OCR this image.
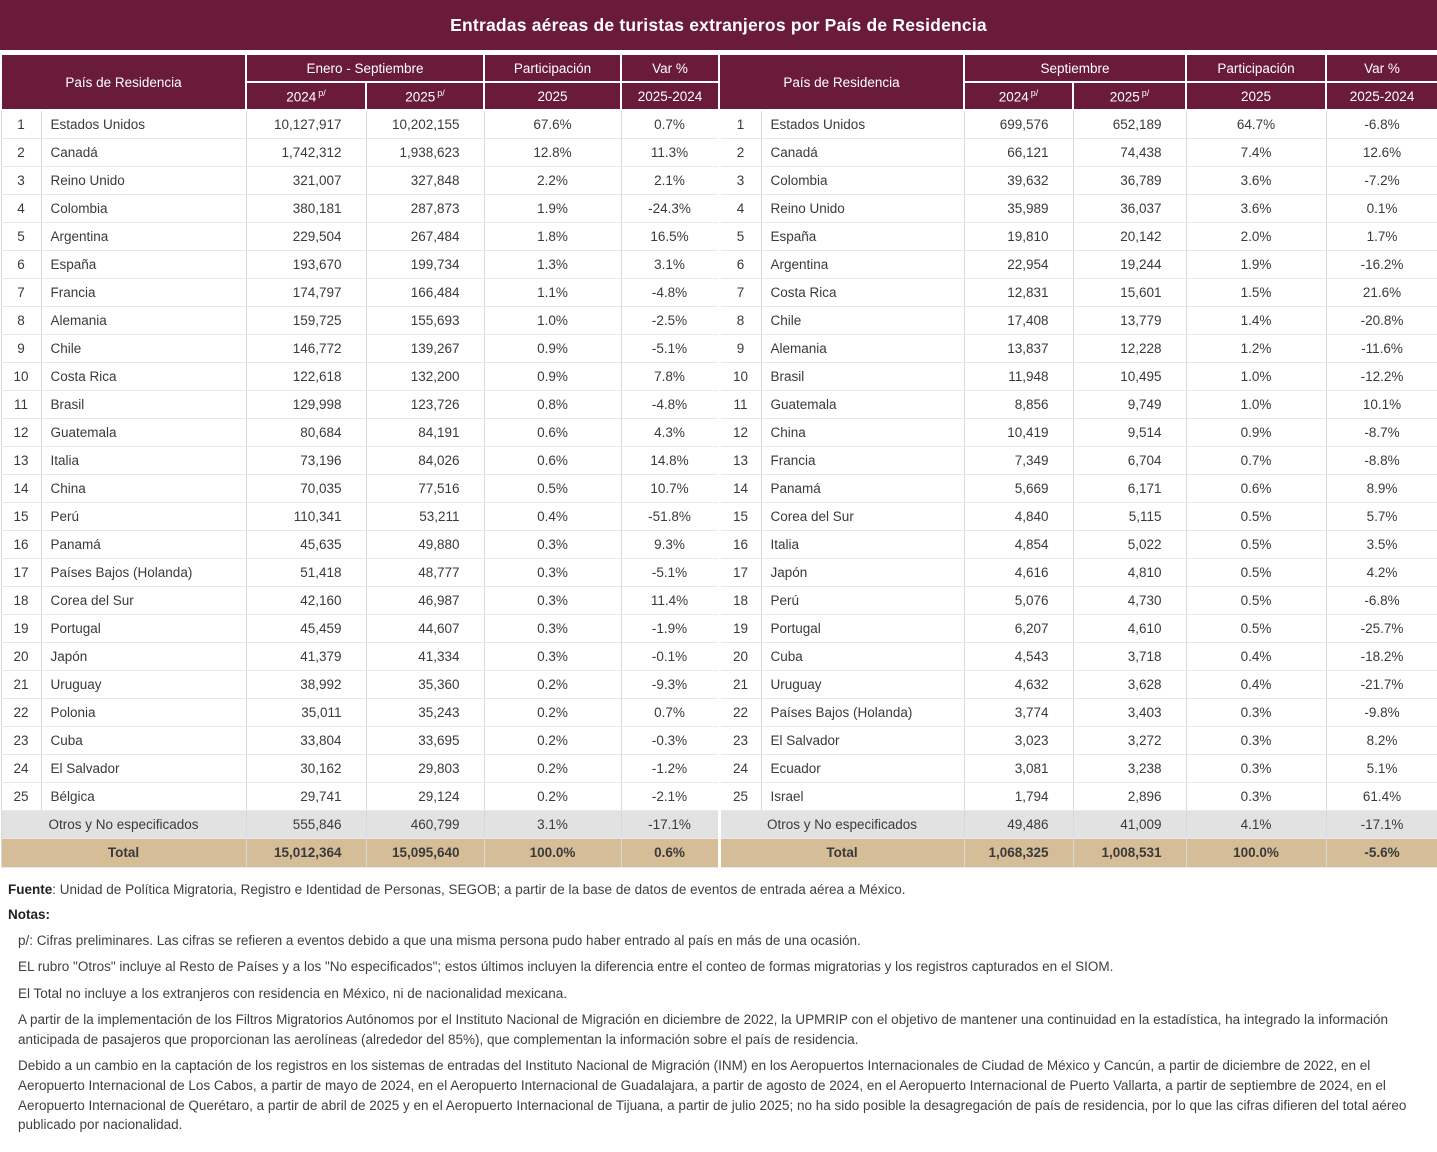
Entradas aéreas de turistas extranjeros por País de Residencia
País de Residencia		Enero - Septiembre		Participación	Var %	País de Residencia		Septiembre		Participación	Var %
		2024 $^{p/}$	2025 $^{p/}$	2025	2025-2024			2024 $^{p/}$	2025 $^{p/}$	2025	2025-2024
1	Estados Unidos	10,127,917	10,202,155	67.6%	0.7%	1	Estados Unidos	699,576	652,189	64.7%	-6.8%
2	Canadá	1,742,312	1,938,623	12.8%	11.3%	2	Canadá	66,121	74,438	7.4%	12.6%
3	Reino Unido	321,007	327,848	2.2%	2.1%	3	Colombia	39,632	36,789	3.6%	-7.2%
4	Colombia	380,181	287,873	1.9%	-24.3%	4	Reino Unido	35,989	36,037	3.6%	0.1%
5	Argentina	229,504	267,484	1.8%	16.5%	5	España	19,810	20,142	2.0%	1.7%
6	España	193,670	199,734	1.3%	3.1%	6	Argentina	22,954	19,244	1.9%	-16.2%
7	Francia	174,797	166,484	1.1%	-4.8%	7	Costa Rica	12,831	15,601	1.5%	21.6%
8	Alemania	159,725	155,693	1.0%	-2.5%	8	Chile	17,408	13,779	1.4%	-20.8%
9	Chile	146,772	139,267	0.9%	-5.1%	9	Alemania	13,837	12,228	1.2%	-11.6%
10	Costa Rica	122,618	132,200	0.9%	7.8%	10	Brasil	11,948	10,495	1.0%	-12.2%
11	Brasil	129,998	123,726	0.8%	-4.8%	11	Guatemala	8,856	9,749	1.0%	10.1%
12	Guatemala	80,684	84,191	0.6%	4.3%	12	China	10,419	9,514	0.9%	-8.7%
13	Italia	73,196	84,026	0.6%	14.8%	13	Francia	7,349	6,704	0.7%	-8.8%
14	China	70,035	77,516	0.5%	10.7%	14	Panamá	5,669	6,171	0.6%	8.9%
15	Perú	110,341	53,211	0.4%	-51.8%	15	Corea del Sur	4,840	5,115	0.5%	5.7%
16	Panamá	45,635	49,880	0.3%	9.3%	16	Italia	4,854	5,022	0.5%	3.5%
17	Países Bajos (Holanda)	51,418	48,777	0.3%	-5.1%	17	Japón	4,616	4,810	0.5%	4.2%
18	Corea del Sur	42,160	46,987	0.3%	11.4%	18	Perú	5,076	4,730	0.5%	-6.8%
19	Portugal	45,459	44,607	0.3%	-1.9%	19	Portugal	6,207	4,610	0.5%	-25.7%
20	Japón	41,379	41,334	0.3%	-0.1%	20	Cuba	4,543	3,718	0.4%	-18.2%
21	Uruguay	38,992	35,360	0.2%	-9.3%	21	Uruguay	4,632	3,628	0.4%	-21.7%
22	Polonia	35,011	35,243	0.2%	0.7%	22	Países Bajos (Holanda)	3,774	3,403	0.3%	-9.8%
23	Cuba	33,804	33,695	0.2%	-0.3%	23	El Salvador	3,023	3,272	0.3%	8.2%
24	El Salvador	30,162	29,803	0.2%	-1.2%	24	Ecuador	3,081	3,238	0.3%	5.1%
25	Bélgica	29,741	29,124	0.2%	-2.1%	25	Israel	1,794	2,896	0.3%	61.4%
Otros y No especificados		555,846	460,799	3.1%	-17.1%	Otros y No especificados		49,486	41,009	4.1%	-17.1%
Total		15,012,364	15,095,640	100.0%	0.6%	Total		1,068,325	1,008,531	100.0%	-5.6%
Fuente: Unidad de Política Migratoria, Registro e Identidad de Personas, SEGOB; a partir de la base de datos de eventos de entrada aérea a México.
Notas:
p/: Cifras preliminares. Las cifras se refieren a eventos debido a que una misma persona pudo haber entrado al país en más de una ocasión.
EL rubro "Otros" incluye al Resto de Países y a los "No especificados"; estos últimos incluyen la diferencia entre el conteo de formas migratorias y los registros capturados en el SIOM.
El Total no incluye a los extranjeros con residencia en México, ni de nacionalidad mexicana.
A partir de la implementación de los Filtros Migratorios Autónomos por el Instituto Nacional de Migración en diciembre de 2022, la UPMRIP con el objetivo de mantener una continuidad en la estadística, ha integrado la información anticipada de pasajeros que proporcionan las aerolíneas (alrededor del 85%), que complementan la información sobre el país de residencia.
Debido a un cambio en la captación de los registros en los sistemas de entradas del Instituto Nacional de Migración (INM) en los Aeropuertos Internacionales de Ciudad de México y Cancún, a partir de diciembre de 2022, en el Aeropuerto Internacional de Los Cabos, a partir de mayo de 2024, en el Aeropuerto Internacional de Guadalajara, a partir de agosto de 2024, en el Aeropuerto Internacional de Puerto Vallarta, a partir de septiembre de 2024, en el Aeropuerto Internacional de Querétaro, a partir de abril de 2025 y en el Aeropuerto Internacional de Tijuana, a partir de julio 2025; no ha sido posible la desagregación de país de residencia, por lo que las cifras difieren del total aéreo publicado por nacionalidad.
